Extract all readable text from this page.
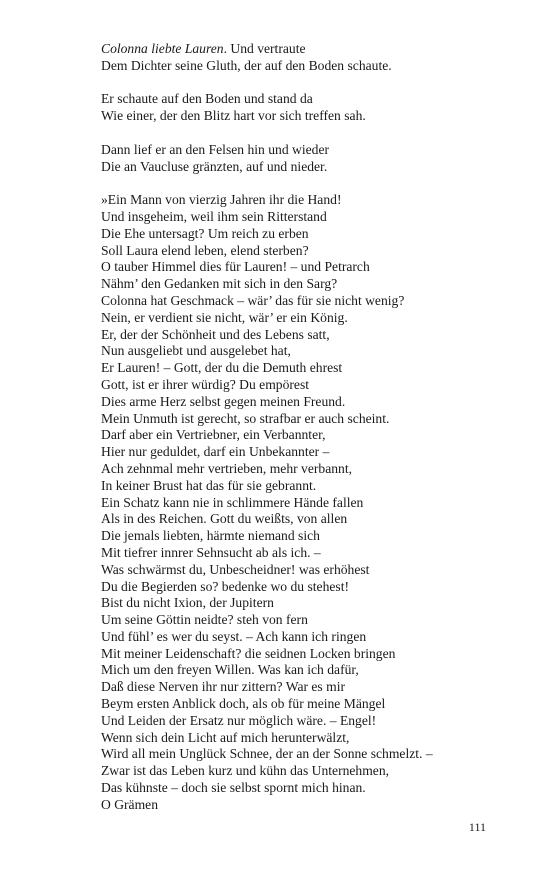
Colonna liebte Lauren. Und vertraute
Dem Dichter seine Gluth, der auf den Boden schaute.
Er schaute auf den Boden und stand da
Wie einer, der den Blitz hart vor sich treffen sah.
Dann lief er an den Felsen hin und wieder
Die an Vaucluse gränzten, auf und nieder.
»Ein Mann von vierzig Jahren ihr die Hand!
Und insgeheim, weil ihm sein Ritterstand
Die Ehe untersagt? Um reich zu erben
Soll Laura elend leben, elend sterben?
O tauber Himmel dies für Lauren! – und Petrarch
Nähm’ den Gedanken mit sich in den Sarg?
Colonna hat Geschmack – wär’ das für sie nicht wenig?
Nein, er verdient sie nicht, wär’ er ein König.
Er, der der Schönheit und des Lebens satt,
Nun ausgeliebt und ausgelebet hat,
Er Lauren! – Gott, der du die Demuth ehrest
Gott, ist er ihrer würdig? Du empörest
Dies arme Herz selbst gegen meinen Freund.
Mein Unmuth ist gerecht, so strafbar er auch scheint.
Darf aber ein Vertriebner, ein Verbannter,
Hier nur geduldet, darf ein Unbekannter –
Ach zehnmal mehr vertrieben, mehr verbannt,
In keiner Brust hat das für sie gebrannt.
Ein Schatz kann nie in schlimmere Hände fallen
Als in des Reichen. Gott du weißts, von allen
Die jemals liebten, härmte niemand sich
Mit tiefrer innrer Sehnsucht ab als ich. –
Was schwärmst du, Unbescheidner! was erhöhest
Du die Begierden so? bedenke wo du stehest!
Bist du nicht Ixion, der Jupitern
Um seine Göttin neidte? steh von fern
Und fühl’ es wer du seyst. – Ach kann ich ringen
Mit meiner Leidenschaft? die seidnen Locken bringen
Mich um den freyen Willen. Was kan ich dafür,
Daß diese Nerven ihr nur zittern? War es mir
Beym ersten Anblick doch, als ob für meine Mängel
Und Leiden der Ersatz nur möglich wäre. – Engel!
Wenn sich dein Licht auf mich herunterwälzt,
Wird all mein Unglück Schnee, der an der Sonne schmelzt. –
Zwar ist das Leben kurz und kühn das Unternehmen,
Das kühnste – doch sie selbst spornt mich hinan.
O Grämen
111
